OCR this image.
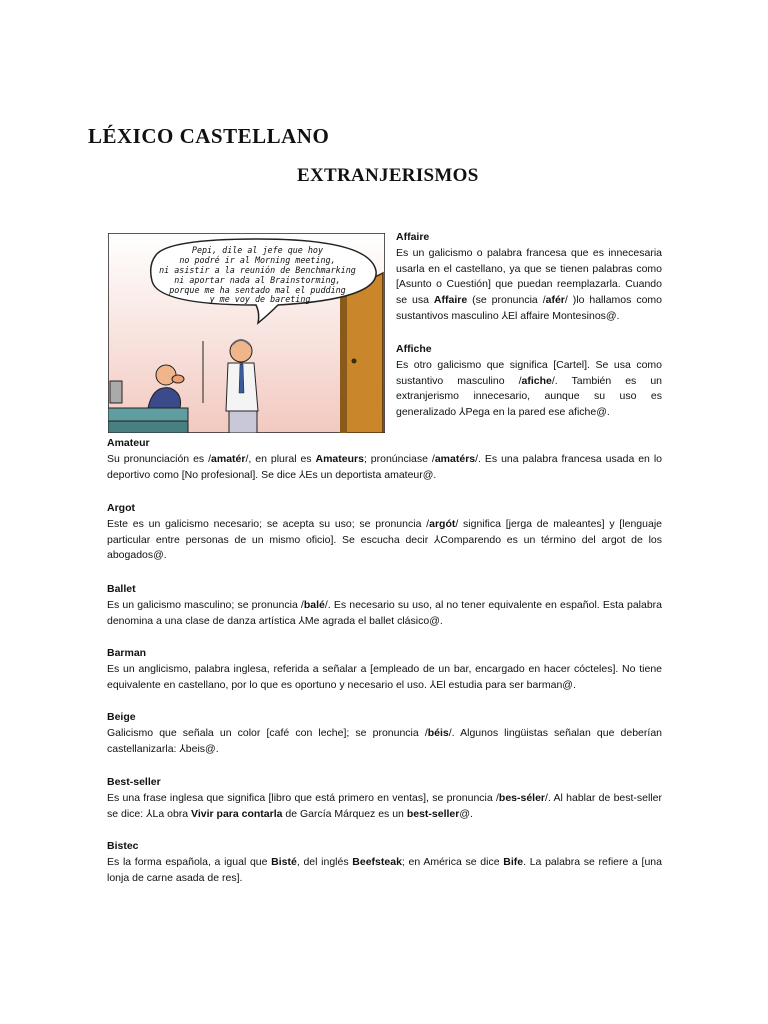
LÉXICO CASTELLANO
EXTRANJERISMOS
Pepi, dile al jefe que hoy no podré ir al Morning meeting, ni asistir a la reunión de Benchmarking ni aportar nada al Brainstorming, porque me ha sentado mal el pudding y me voy de bareting
Affaire

Es un galicismo o palabra francesa que es innecesaria usarla en el castellano, ya que se tienen palabras como [Asunto o Cuestión] que puedan reemplazarla. Cuando se usa Affaire (se pronuncia /afér/ )lo hallamos como sustantivos masculino ⅄El affaire Montesinos@.

Affiche

Es otro galicismo que significa [Cartel]. Se usa como sustantivo masculino /afiche/. También es un extranjerismo innecesario, aunque su uso es generalizado ⅄Pega en la pared ese afiche@.

Amateur

Su pronunciación es /amatér/, en plural es Amateurs; pronúnciase /amatérs/. Es una palabra francesa usada en lo deportivo como [No profesional]. Se dice ⅄Es un deportista amateur@.

Argot

Este es un galicismo necesario; se acepta su uso; se pronuncia /argót/ significa [jerga de maleantes] y [lenguaje particular entre personas de un mismo oficio]. Se escucha decir ⅄Comparendo es un término del argot de los abogados@.

Ballet

Es un galicismo masculino; se pronuncia /balé/. Es necesario su uso, al no tener equivalente en español. Esta palabra denomina a una clase de danza artística ⅄Me agrada el ballet clásico@.

Barman

Es un anglicismo, palabra inglesa, referida a señalar a [empleado de un bar, encargado en hacer cócteles]. No tiene equivalente en castellano, por lo que es oportuno y necesario el uso. ⅄El estudia para ser barman@.

Beige

Galicismo que señala un color [café con leche]; se pronuncia /béis/. Algunos lingüistas señalan que deberían castellanizarla: ⅄beis@.

Best-seller

Es una frase inglesa que significa [libro que está primero en ventas], se pronuncia /bes-séler/. Al hablar de best-seller se dice: ⅄La obra Vivir para contarla de García Márquez es un best-seller@.

Bistec

Es la forma española, a igual que Bisté, del inglés Beefsteak; en América se dice Bife. La palabra se refiere a [una lonja de carne asada de res].
